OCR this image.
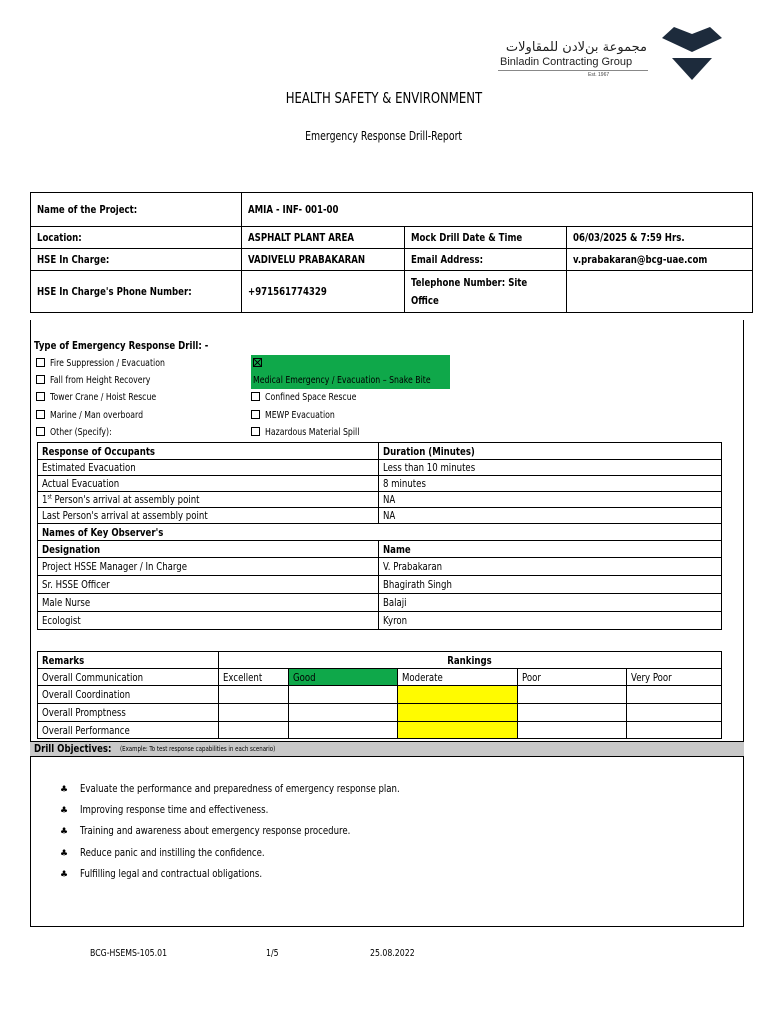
مجموعة بن‌لادن للمقاولات
Binladin Contracting Group
Est. 1967
HEALTH SAFETY & ENVIRONMENT
Emergency Response Drill-Report
Name of the Project:	AMIA - INF- 001-00		
Location:	ASPHALT PLANT AREA	Mock Drill Date & Time	06/03/2025 & 7:59 Hrs.
HSE In Charge:	VADIVELU PRABAKARAN	Email Address:	v.prabakaran@bcg-uae.com
HSE In Charge's Phone Number:	+971561774329	Telephone Number: Site
Office	
Type of Emergency Response Drill: -
Fire Suppression / Evacuation
Fall from Height Recovery
Tower Crane / Hoist Rescue
Marine / Man overboard
Other (Specify):
Medical Emergency / Evacuation – Snake Bite
Confined Space Rescue
MEWP Evacuation
Hazardous Material Spill
Response of Occupants	Duration (Minutes)
Estimated Evacuation	Less than 10 minutes
Actual Evacuation	8 minutes
1st Person's arrival at assembly point	NA
Last Person's arrival at assembly point	NA
Names of Key Observer's	
Designation	Name
Project HSSE Manager / In Charge	V. Prabakaran
Sr. HSSE Officer	Bhagirath Singh
Male Nurse	Balaji
Ecologist	Kyron
Remarks	Rankings				
Overall Communication	Excellent	Good	Moderate	Poor	Very Poor
Overall Coordination					
Overall Promptness					
Overall Performance					
Drill Objectives: (Example: To test response capabilities in each scenario)
♣ Evaluate the performance and preparedness of emergency response plan.
♣ Improving response time and effectiveness.
♣ Training and awareness about emergency response procedure.
♣ Reduce panic and instilling the confidence.
♣ Fulfilling legal and contractual obligations.
BCG-HSEMS-105.01	1/5	25.08.2022
